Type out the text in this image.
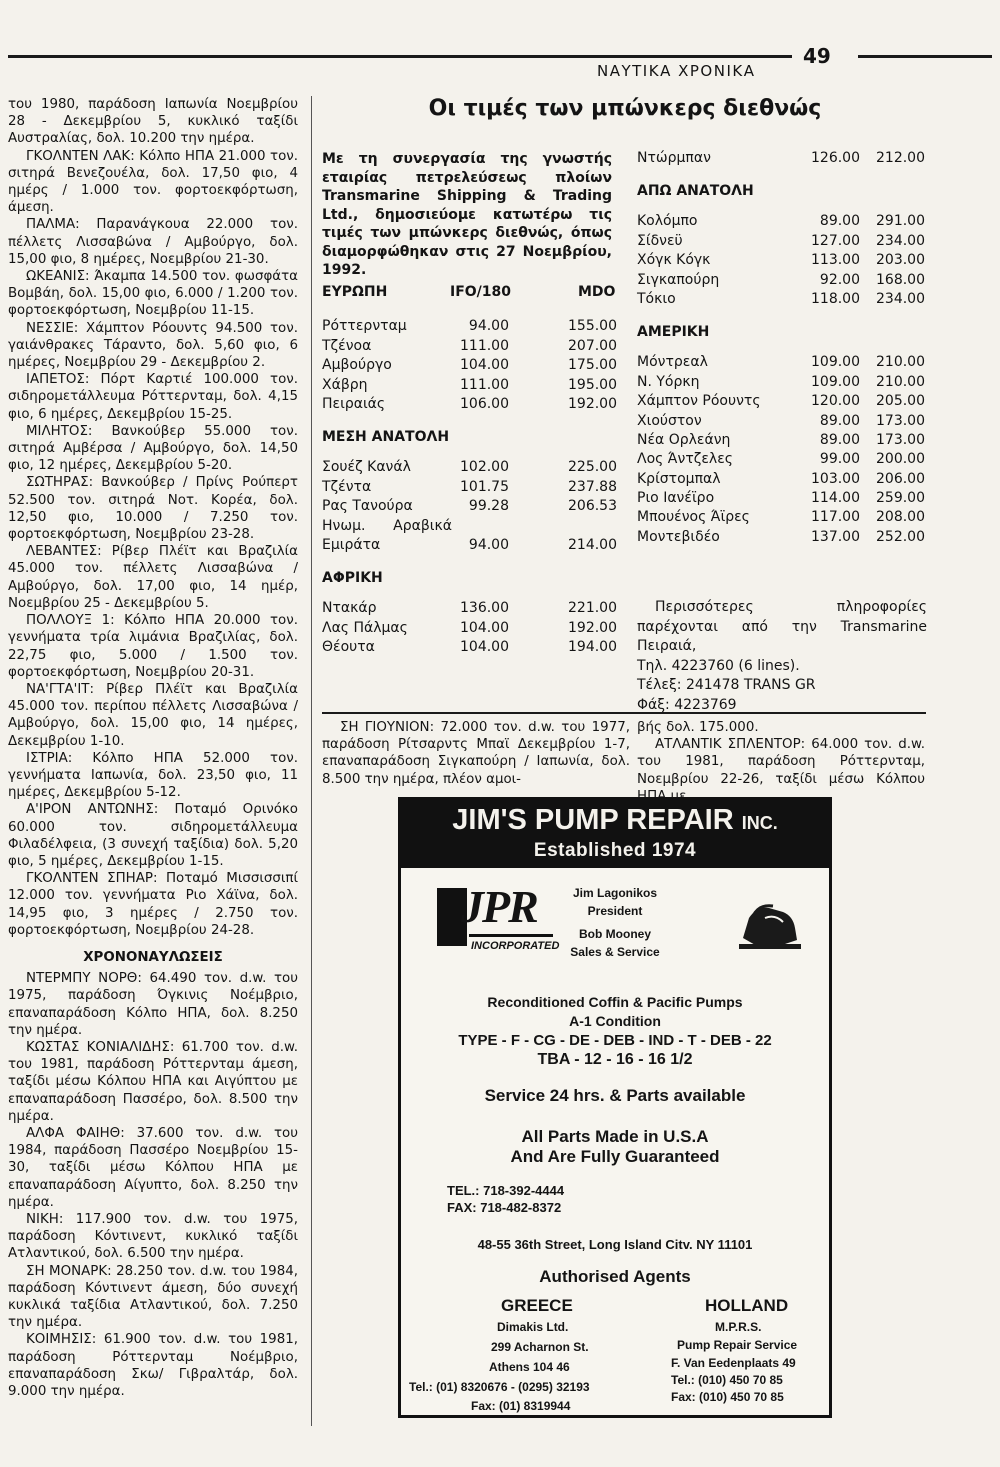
ΝΑΥΤΙΚΑ ΧΡΟΝΙΚΑ
49

του 1980, παράδοση Ιαπωνία Νοεμβρίου 28 - Δεκεμβρίου 5, κυκλικό ταξίδι Αυστραλίας, δολ. 10.200 την ημέρα.

ΓΚΟΛΝΤΕΝ ΛΑΚ: Κόλπο ΗΠΑ 21.000 τον. σιτηρά Βενεζουέλα, δολ. 17,50 φιο, 4 ημέρς / 1.000 τον. φορτοεκφόρτωση, άμεση.

ΠΑΛΜΑ: Παρανάγκουα 22.000 τον. πέλλετς Λισσαβώνα / Αμβούργο, δολ. 15,00 φιο, 8 ημέρες, Νοεμβρίου 21-30.

ΩΚΕΑΝΙΣ: Άκαμπα 14.500 τον. φωσφάτα Βομβάη, δολ. 15,00 φιο, 6.000 / 1.200 τον. φορτοεκφόρτωση, Νοεμβρίου 11-15.

ΝΕΣΣΙΕ: Χάμπτον Ρόουντς 94.500 τον. γαιάνθρακες Τάραντο, δολ. 5,60 φιο, 6 ημέρες, Νοεμβρίου 29 - Δεκεμβρίου 2.

ΙΑΠΕΤΟΣ: Πόρτ Καρτιέ 100.000 τον. σιδηρομετάλλευμα Ρόττερνταμ, δολ. 4,15 φιο, 6 ημέρες, Δεκεμβρίου 15-25.

ΜΙΛΗΤΟΣ: Βανκούβερ 55.000 τον. σιτηρά Αμβέρσα / Αμβούργο, δολ. 14,50 φιο, 12 ημέρες, Δεκεμβρίου 5-20.

ΣΩΤΗΡΑΣ: Βανκούβερ / Πρίνς Ρούπερτ 52.500 τον. σιτηρά Νοτ. Κορέα, δολ. 12,50 φιο, 10.000 / 7.250 τον. φορτοεκφόρτωση, Νοεμβρίου 23-28.

ΛΕΒΑΝΤΕΣ: Ρίβερ Πλέϊτ και Βραζιλία 45.000 τον. πέλλετς Λισσαβώνα / Αμβούργο, δολ. 17,00 φιο, 14 ημέρ, Νοεμβρίου 25 - Δεκεμβρίου 5.

ΠΟΛΛΟΥΞ 1: Κόλπο ΗΠΑ 20.000 τον. γεννήματα τρία λιμάνια Βραζιλίας, δολ. 22,75 φιο, 5.000 / 1.500 τον. φορτοεκφόρτωση, Νοεμβρίου 20-31.

ΝΑ'ΓΤΑ'ΙΤ: Ρίβερ Πλέϊτ και Βραζιλία 45.000 τον. περίπου πέλλετς Λισσαβώνα /Αμβούργο, δολ. 15,00 φιο, 14 ημέρες, Δεκεμβρίου 1-10.

ΙΣΤΡΙΑ: Κόλπο ΗΠΑ 52.000 τον. γεννήματα Ιαπωνία, δολ. 23,50 φιο, 11 ημέρες, Δεκεμβρίου 5-12.

Α'ΙΡΟΝ ΑΝΤΩΝΗΣ: Ποταμό Ορινόκο 60.000 τον. σιδηρομετάλλευμα Φιλαδέλφεια, (3 συνεχή ταξίδια) δολ. 5,20 φιο, 5 ημέρες, Δεκεμβρίου 1-15.

ΓΚΟΛΝΤΕΝ ΣΠΗΑΡ: Ποταμό Μισσισσιπί 12.000 τον. γεννήματα Ριο Χάϊνα, δολ. 14,95 φιο, 3 ημέρες / 2.750 τον. φορτοεκφόρτωση, Νοεμβρίου 24-28.

ΧΡΟΝΟΝΑΥΛΩΣΕΙΣ

ΝΤΕΡΜΠΥ ΝΟΡΘ: 64.490 τον. d.w. του 1975, παράδοση Όγκινις Νοέμβριο, επαναπαράδοση Κόλπο ΗΠΑ, δολ. 8.250 την ημέρα.

ΚΩΣΤΑΣ ΚΟΝΙΑΛΙΔΗΣ: 61.700 τον. d.w. του 1981, παράδοση Ρόττερνταμ άμεση, ταξίδι μέσω Κόλπου ΗΠΑ και Αιγύπτου με επαναπαράδοση Πασσέρο, δολ. 8.500 την ημέρα.

ΑΛΦΑ ΦΑΙΗΘ: 37.600 τον. d.w. του 1984, παράδοση Πασσέρο Νοεμβρίου 15-30, ταξίδι μέσω Κόλπου ΗΠΑ με επαναπαράδοση Αίγυπτο, δολ. 8.250 την ημέρα.

ΝΙΚΗ: 117.900 τον. d.w. του 1975, παράδοση Κόντινεντ, κυκλικό ταξίδι Ατλαντικού, δολ. 6.500 την ημέρα.

ΣΗ ΜΟΝΑΡΚ: 28.250 τον. d.w. του 1984, παράδοση Κόντινεντ άμεση, δύο συνεχή κυκλικά ταξίδια Ατλαντικού, δολ. 7.250 την ημέρα.

ΚΟΙΜΗΣΙΣ: 61.900 τον. d.w. του 1981, παράδοση Ρόττερνταμ Νοέμβριο, επαναπαράδοση Σκω/ Γιβραλτάρ, δολ. 9.000 την ημέρα.

Οι τιμές των μπώνκερς διεθνώς
Με τη συνεργασία της γνωστής εταιρίας πετρελεύσεως πλοίων Transmarine Shipping & Trading Ltd., δημοσιεύομε κατωτέρω τις τιμές των μπώνκερς διεθνώς, όπως διαμορφώθηκαν στις 27 Νοεμβρίου, 1992.
ΕΥΡΩΠΗ	IFO/180	MDO
Ρόττερνταμ	94.00	155.00
Τζένοα	111.00	207.00
Αμβούργο	104.00	175.00
Χάβρη	111.00	195.00
Πειραιάς	106.00	192.00
ΜΕΣΗ ΑΝΑΤΟΛΗ
Σουέζ Κανάλ	102.00	225.00
Τζέντα	101.75	237.88
Ρας Τανούρα	99.28	206.53
Ηνωμ. Αραβικά Εμιράτα	94.00	214.00
ΑΦΡΙΚΗ
Ντακάρ	136.00	221.00
Λας Πάλμας	104.00	192.00
Θέουτα	104.00	194.00
Ντώρμπαν	126.00	212.00
ΑΠΩ ΑΝΑΤΟΛΗ
Κολόμπο	89.00	291.00
Σίδνεϋ	127.00	234.00
Χόγκ Κόγκ	113.00	203.00
Σιγκαπούρη	92.00	168.00
Τόκιο	118.00	234.00
ΑΜΕΡΙΚΗ
Μόντρεαλ	109.00	210.00
Ν. Υόρκη	109.00	210.00
Χάμπτον Ρόουντς	120.00	205.00
Χιούστον	89.00	173.00
Νέα Ορλεάνη	89.00	173.00
Λος Άντζελες	99.00	200.00
Κρίστομπαλ	103.00	206.00
Ριο Ιανέϊρο	114.00	259.00
Μπουένος Άϊρες	117.00	208.00
Μοντεβιδέο	137.00	252.00

Περισσότερες πληροφορίες παρέχονται από την Transmarine Πειραιά,

Τηλ. 4223760 (6 lines).

Τέλεξ: 241478 TRANS GR

Φάξ: 4223769

ΣΗ ΓΙΟΥΝΙΟΝ: 72.000 τον. d.w. του 1977, παράδοση Ρίτσαρντς Μπαϊ Δεκεμβρίου 1-7, επαναπαράδοση Σιγκαπούρη / Ιαπωνία, δολ. 8.500 την ημέρα, πλέον αμοι-

βής δολ. 175.000.

ΑΤΛΑΝΤΙΚ ΣΠΛΕΝΤΟΡ: 64.000 τον. d.w. του 1981, παράδοση Ρόττερνταμ, Νοεμβρίου 22-26, ταξίδι μέσω Κόλπου

JIM'S PUMP REPAIR INC.
Established 1974
JPR
INCORPORATED
Jim Lagonikos
President
Bob Mooney
Sales & Service
Reconditioned Coffin & Pacific Pumps
A-1 Condition
TYPE - F - CG - DE - DEB - IND - T - DEB - 22
TBA - 12 - 16 - 16 1/2
Service 24 hrs. & Parts available
All Parts Made in U.S.A
And Are Fully Guaranteed
TEL.: 718-392-4444
FAX: 718-482-8372
48-55 36th Street, Long Island Citv. NY 11101
Authorised Agents
GREECE
Dimakis Ltd.
299 Acharnon St.
Athens 104 46
Tel.: (01) 8320676 - (0295) 32193
Fax: (01) 8319944
HOLLAND
M.P.R.S.
Pump Repair Service
F. Van Eedenplaats 49
Tel.: (010) 450 70 85
Fax: (010) 450 70 85
